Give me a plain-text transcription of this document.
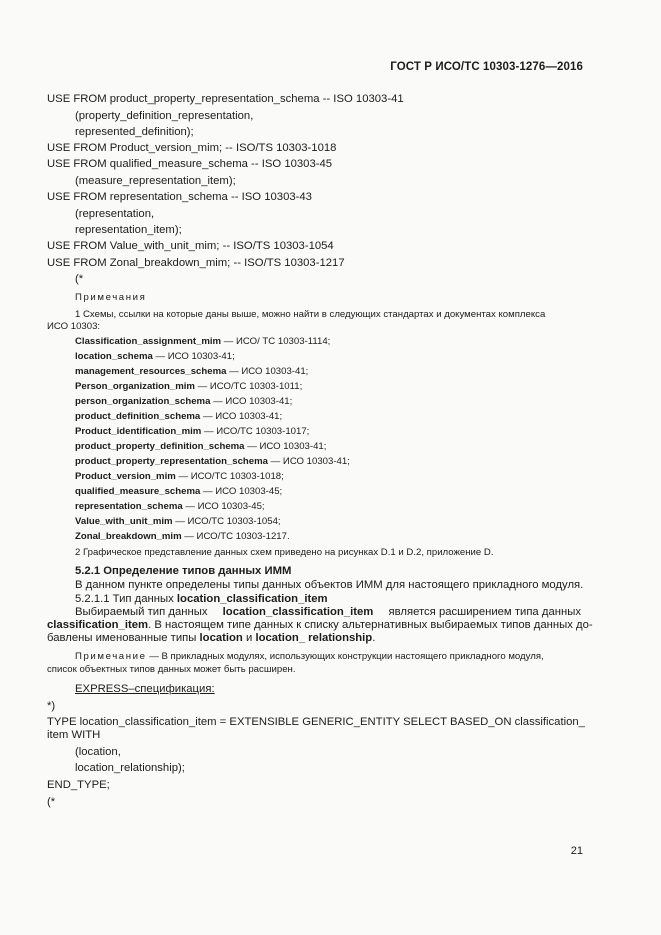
ГОСТ Р ИСО/ТС 10303-1276—2016
USE FROM product_property_representation_schema -- ISO 10303-41
(property_definition_representation,
represented_definition);
USE FROM Product_version_mim; -- ISO/TS 10303-1018
USE FROM qualified_measure_schema -- ISO 10303-45
(measure_representation_item);
USE FROM representation_schema -- ISO 10303-43
(representation,
representation_item);
USE FROM Value_with_unit_mim; -- ISO/TS 10303-1054
USE FROM Zonal_breakdown_mim; -- ISO/TS 10303-1217
(*
Примечания
1 Схемы, ссылки на которые даны выше, можно найти в следующих стандартах и документах комплекса
ИСО 10303:
Classification_assignment_mim — ИСО/ ТС 10303-1114;
location_schema — ИСО 10303-41;
management_resources_schema — ИСО 10303-41;
Person_organization_mim — ИСО/ТС 10303-1011;
person_organization_schema — ИСО 10303-41;
product_definition_schema — ИСО 10303-41;
Product_identification_mim — ИСО/ТС 10303-1017;
product_property_definition_schema — ИСО 10303-41;
product_property_representation_schema — ИСО 10303-41;
Product_version_mim — ИСО/ТС 10303-1018;
qualified_measure_schema — ИСО 10303-45;
representation_schema — ИСО 10303-45;
Value_with_unit_mim — ИСО/ТС 10303-1054;
Zonal_breakdown_mim — ИСО/ТС 10303-1217.
2 Графическое представление данных схем приведено на рисунках D.1 и D.2, приложение D.
5.2.1 Определение типов данных ИММ
В данном пункте определены типы данных объектов ИММ для настоящего прикладного модуля.
5.2.1.1 Тип данных location_classification_item
Выбираемый тип данных location_classification_item является расширением типа данных
classification_item. В настоящем типе данных к списку альтернативных выбираемых типов данных до-
бавлены именованные типы location и location_ relationship.
Примечание — В прикладных модулях, использующих конструкции настоящего прикладного модуля,
список объектных типов данных может быть расширен.
EXPRESS–спецификация:
*)
TYPE location_classification_item = EXTENSIBLE GENERIC_ENTITY SELECT BASED_ON classification_
item WITH
(location,
location_relationship);
END_TYPE;
(*
21
